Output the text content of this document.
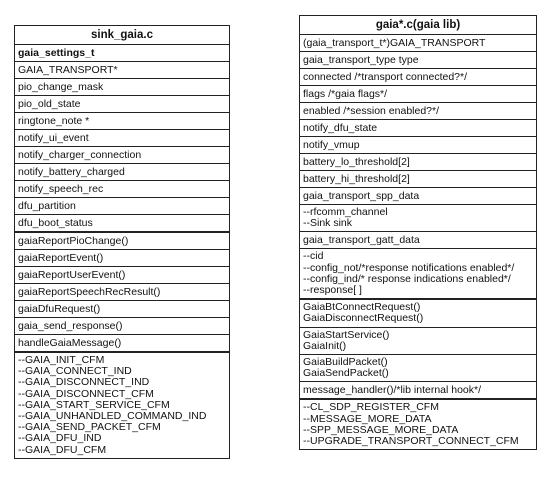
sink_gaia.c
gaia_settings_t
GAIA_TRANSPORT*
pio_change_mask
pio_old_state
ringtone_note *
notify_ui_event
notify_charger_connection
notify_battery_charged
notify_speech_rec
dfu_partition
dfu_boot_status
gaiaReportPioChange()
gaiaReportEvent()
gaiaReportUserEvent()
gaiaReportSpeechRecResult()
gaiaDfuRequest()
gaia_send_response()
handleGaiaMessage()
--GAIA_INIT_CFM
--GAIA_CONNECT_IND
--GAIA_DISCONNECT_IND
--GAIA_DISCONNECT_CFM
--GAIA_START_SERVICE_CFM
--GAIA_UNHANDLED_COMMAND_IND
--GAIA_SEND_PACKET_CFM
--GAIA_DFU_IND
--GAIA_DFU_CFM
gaia*.c(gaia lib)
(gaia_transport_t*)GAIA_TRANSPORT
gaia_transport_type type
connected /*transport connected?*/
flags /*gaia flags*/
enabled /*session enabled?*/
notify_dfu_state
notify_vmup
battery_lo_threshold[2]
battery_hi_threshold[2]
gaia_transport_spp_data
--rfcomm_channel
--Sink sink
gaia_transport_gatt_data
--cid
--config_not/*response notifications enabled*/
--config_ind/* response indications enabled*/
--response[ ]
GaiaBtConnectRequest()
GaiaDisconnectRequest()
GaiaStartService()
GaiaInit()
GaiaBuildPacket()
GaiaSendPacket()
message_handler()/*lib internal hook*/
--CL_SDP_REGISTER_CFM
--MESSAGE_MORE_DATA
--SPP_MESSAGE_MORE_DATA
--UPGRADE_TRANSPORT_CONNECT_CFM
